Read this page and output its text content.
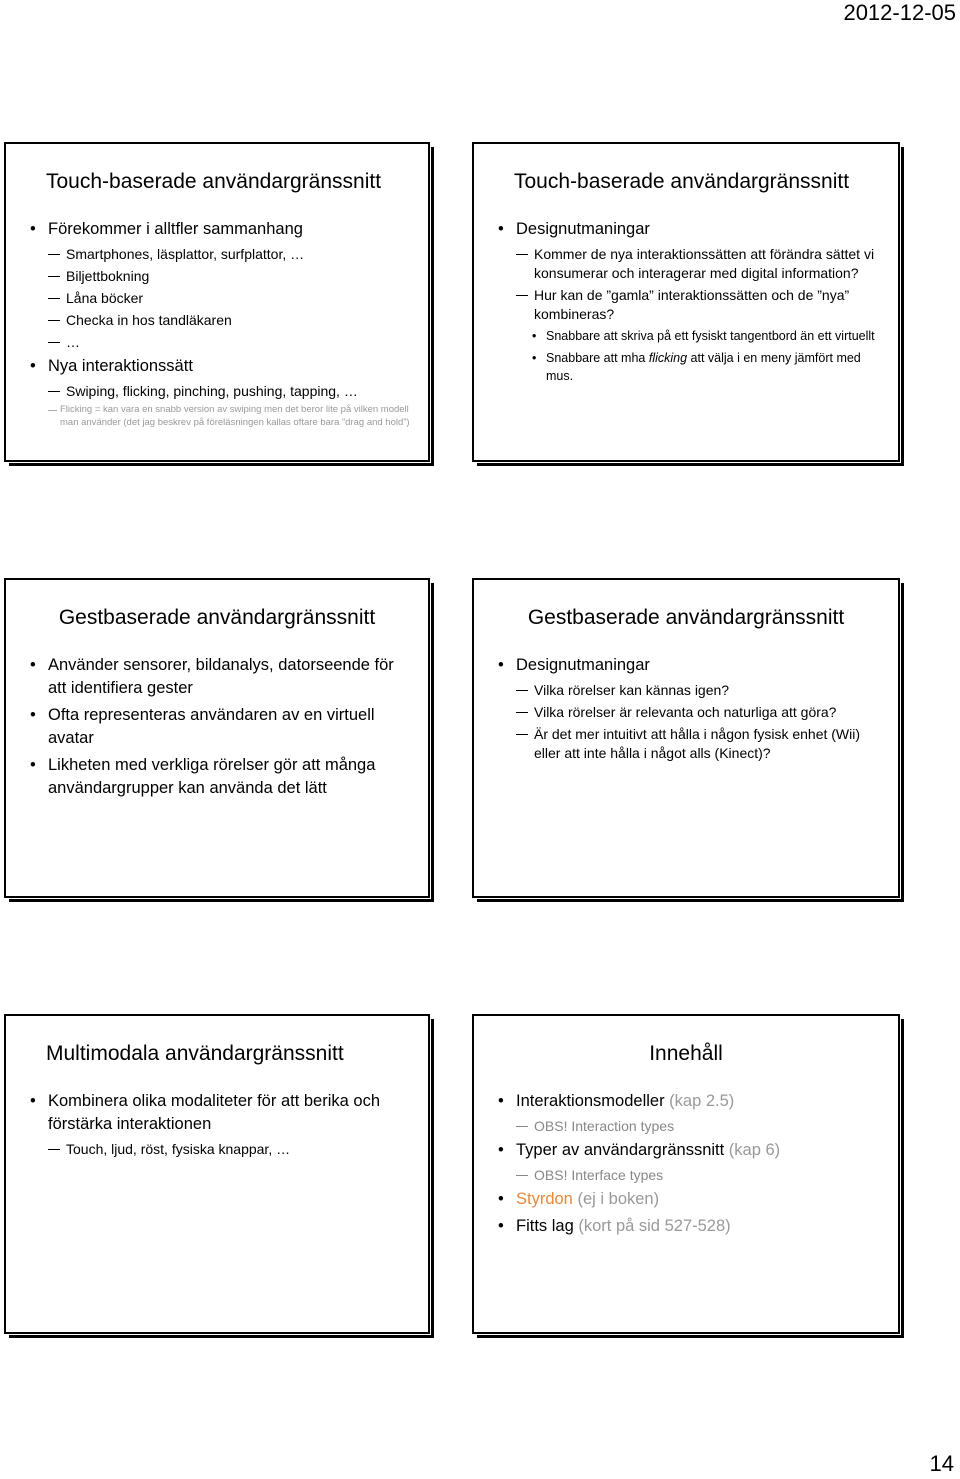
2012-12-05
Touch-baserade användargränssnitt
• Förekommer i alltfler sammanhang
Smartphones, läsplattor, surfplattor, …
Biljettbokning
Låna böcker
Checka in hos tandläkaren
…
• Nya interaktionssätt
Swiping, flicking, pinching, pushing, tapping, …
Flicking = kan vara en snabb version av swiping men det beror lite på vilken modell man använder (det jag beskrev på föreläsningen kallas oftare bara ”drag and hold”)
Touch-baserade användargränssnitt
• Designutmaningar
Kommer de nya interaktionssätten att förändra sättet vi konsumerar och interagerar med digital information?
Hur kan de ”gamla” interaktionssätten och de ”nya” kombineras?
• Snabbare att skriva på ett fysiskt tangentbord än ett virtuellt
• Snabbare att mha flicking att välja i en meny jämfört med mus.
Gestbaserade användargränssnitt
• Använder sensorer, bildanalys, datorseende för att identifiera gester
• Ofta representeras användaren av en virtuell avatar
• Likheten med verkliga rörelser gör att många användargrupper kan använda det lätt
Gestbaserade användargränssnitt
• Designutmaningar
Vilka rörelser kan kännas igen?
Vilka rörelser är relevanta och naturliga att göra?
Är det mer intuitivt att hålla i någon fysisk enhet (Wii) eller att inte hålla i något alls (Kinect)?
Multimodala användargränssnitt
• Kombinera olika modaliteter för att berika och förstärka interaktionen
Touch, ljud, röst, fysiska knappar, …
Innehåll
• Interaktionsmodeller (kap 2.5)
OBS! Interaction types
• Typer av användargränssnitt (kap 6)
OBS! Interface types
• Styrdon (ej i boken)
• Fitts lag (kort på sid 527-528)
14
